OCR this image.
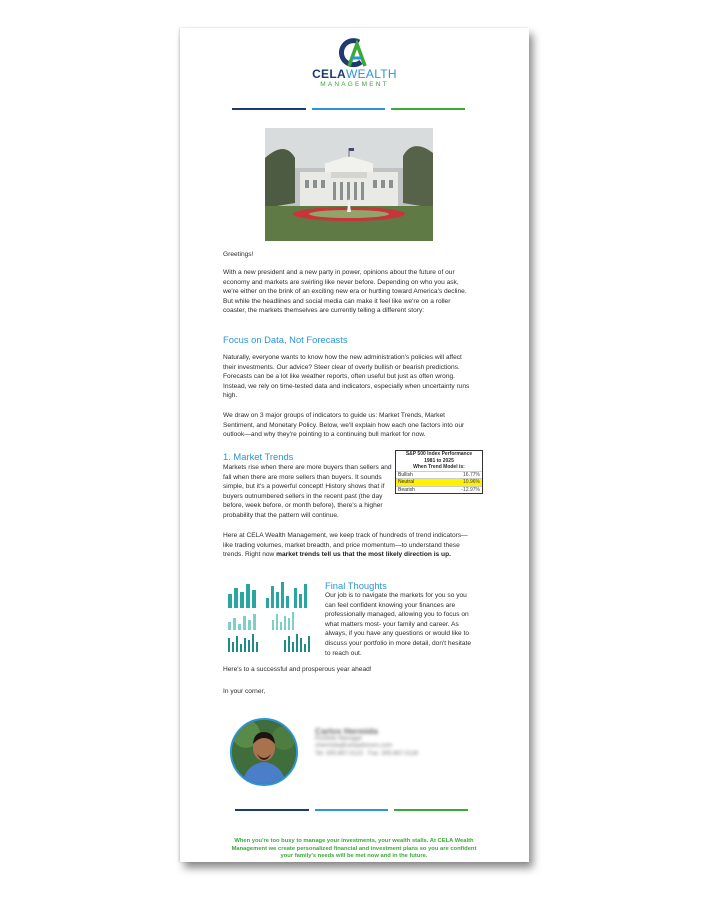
CELAWEALTH
MANAGEMENT
Greetings!
With a new president and a new party in power, opinions about the future of our economy and markets are swirling like never before. Depending on who you ask, we're either on the brink of an exciting new era or hurtling toward America's decline. But while the headlines and social media can make it feel like we're on a roller coaster, the markets themselves are currently telling a different story:
Focus on Data, Not Forecasts
Naturally, everyone wants to know how the new administration's policies will affect their investments. Our advice? Steer clear of overly bullish or bearish predictions. Forecasts can be a lot like weather reports, often useful but just as often wrong. Instead, we rely on time-tested data and indicators, especially when uncertainty runs high.
We draw on 3 major groups of indicators to guide us: Market Trends, Market Sentiment, and Monetary Policy. Below, we'll explain how each one factors into our outlook—and why they're pointing to a continuing bull market for now.
1. Market Trends
Markets rise when there are more buyers than sellers and fall when there are more sellers than buyers. It sounds simple, but it's a powerful concept! History shows that if buyers outnumbered sellers in the recent past (the day before, week before, or month before), there's a higher probability that the pattern will continue.
S&P 500 Index Performance
1981 to 2025
When Trend Model is:
Bullish	16.77%
Neutral	10.96%
Bearish	-12.97%
Here at CELA Wealth Management, we keep track of hundreds of trend indicators—like trading volumes, market breadth, and price momentum—to understand these trends. Right now market trends tell us that the most likely direction is up.
Final Thoughts
Our job is to navigate the markets for you so you can feel confident knowing your finances are professionally managed, allowing you to focus on what matters most- your family and career. As always, if you have any questions or would like to discuss your portfolio in more detail, don't hesitate to reach out.
Here's to a successful and prosperous year ahead!
In your corner,
Carlos Hermida
Portfolio Manager
chermida@celaadvisors.com
Tel: 305.667.0123 · Fax: 305.667.0128
When you're too busy to manage your investments, your wealth stalls. At CELA Wealth Management we create personalized financial and investment plans so you are confident your family's needs will be met now and in the future.
